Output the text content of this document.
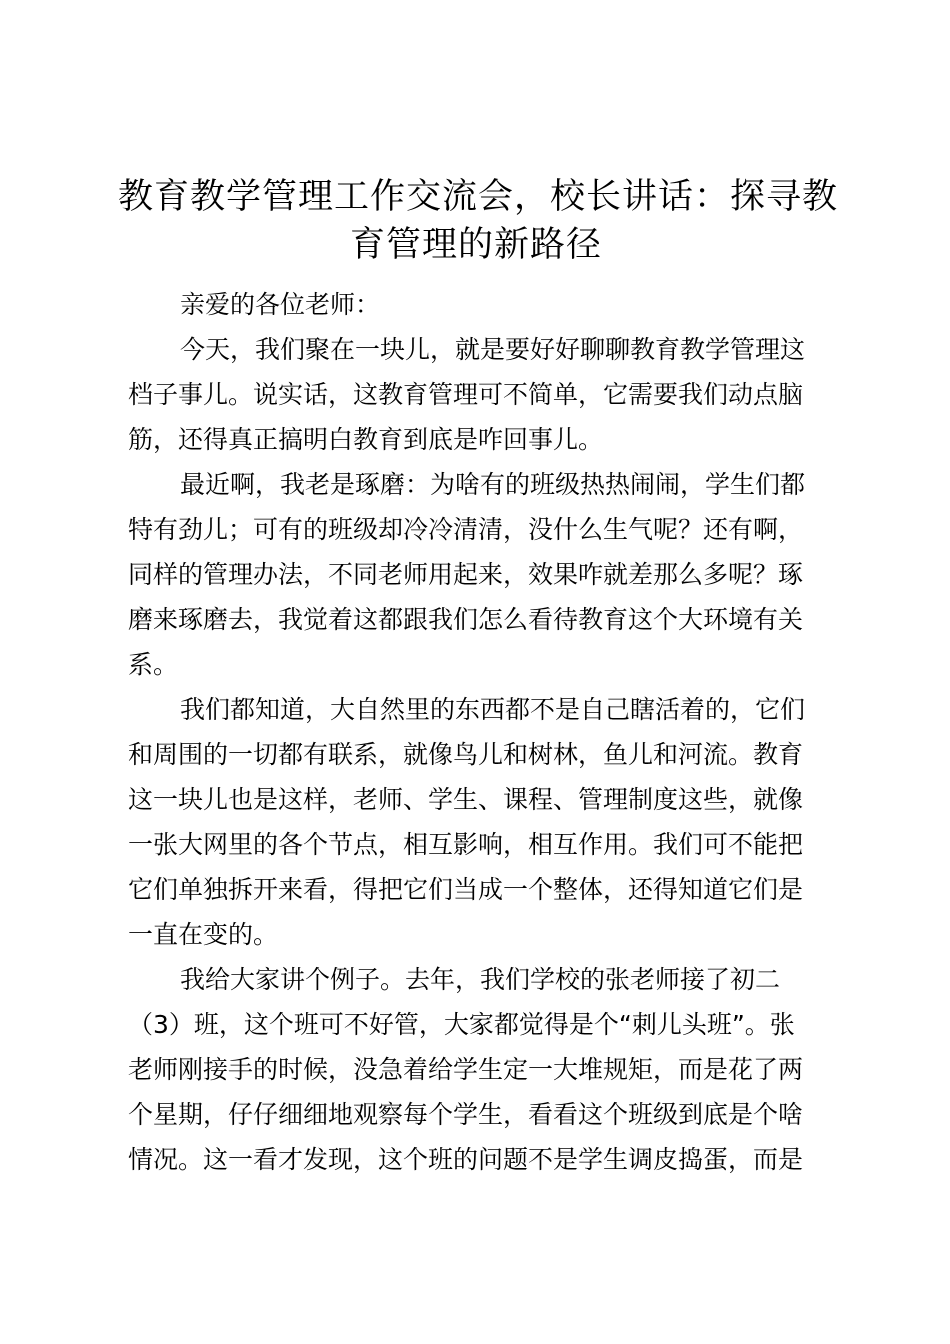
教育教学管理工作交流会，校长讲话：探寻教
育管理的新路径

亲爱的各位老师：

今天，我们聚在一块儿，就是要好好聊聊教育教学管理这
档子事儿。说实话，这教育管理可不简单，它需要我们动点脑
筋，还得真正搞明白教育到底是咋回事儿。

最近啊，我老是琢磨：为啥有的班级热热闹闹，学生们都
特有劲儿；可有的班级却冷冷清清，没什么生气呢？还有啊，
同样的管理办法，不同老师用起来，效果咋就差那么多呢？琢
磨来琢磨去，我觉着这都跟我们怎么看待教育这个大环境有关
系。

我们都知道，大自然里的东西都不是自己瞎活着的，它们
和周围的一切都有联系，就像鸟儿和树林，鱼儿和河流。教育
这一块儿也是这样，老师、学生、课程、管理制度这些，就像
一张大网里的各个节点，相互影响，相互作用。我们可不能把
它们单独拆开来看，得把它们当成一个整体，还得知道它们是
一直在变的。

我给大家讲个例子。去年，我们学校的张老师接了初二
（3）班，这个班可不好管，大家都觉得是个“刺儿头班”。张
老师刚接手的时候，没急着给学生定一大堆规矩，而是花了两
个星期，仔仔细细地观察每个学生，看看这个班级到底是个啥
情况。这一看才发现，这个班的问题不是学生调皮捣蛋，而是
